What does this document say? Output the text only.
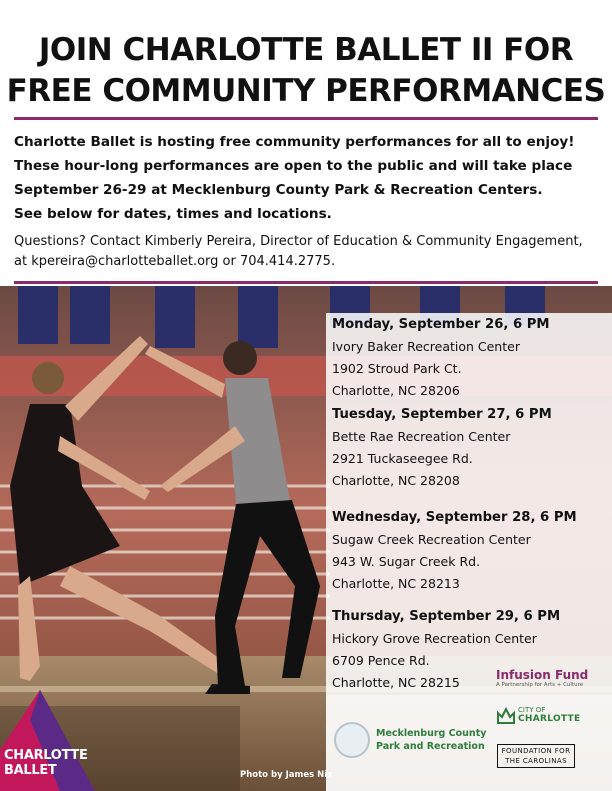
JOIN CHARLOTTE BALLET II FOR
FREE COMMUNITY PERFORMANCES

Charlotte Ballet is hosting free community performances for all to enjoy!
These hour-long performances are open to the public and will take place
September 26-29 at Mecklenburg County Park & Recreation Centers.
See below for dates, times and locations.

Questions? Contact Kimberly Pereira, Director of Education & Community Engagement,
at kpereira@charlotteballet.org or 704.414.2775.

Monday, September 26, 6 PM
Ivory Baker Recreation Center
1902 Stroud Park Ct.
Charlotte, NC 28206
Tuesday, September 27, 6 PM
Bette Rae Recreation Center
2921 Tuckaseegee Rd.
Charlotte, NC 28208
Wednesday, September 28, 6 PM
Sugaw Creek Recreation Center
943 W. Sugar Creek Rd.
Charlotte, NC 28213
Thursday, September 29, 6 PM
Hickory Grove Recreation Center
6709 Pence Rd.
Charlotte, NC 28215
Mecklenburg County
Park and Recreation
Infusion Fund
A Partnership for Arts + Culture
CITY OF
CHARLOTTE
FOUNDATION FOR
THE CAROLINAS
CHARLOTTE
BALLET	Photo by James Nix
